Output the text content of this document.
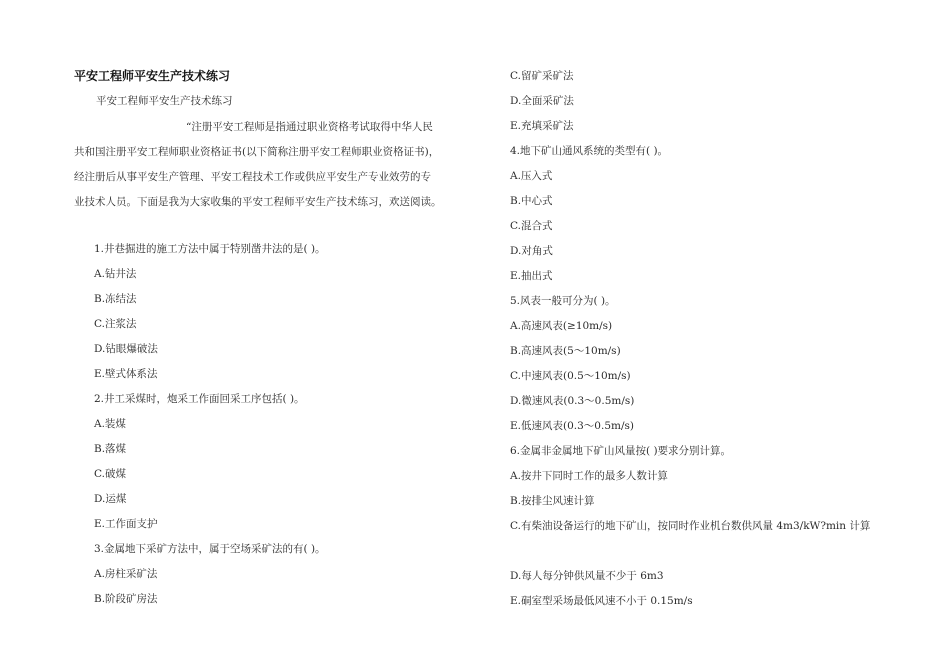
平安工程师平安生产技术练习
平安工程师平安生产技术练习
“注册平安工程师是指通过职业资格考试取得中华人民
共和国注册平安工程师职业资格证书(以下简称注册平安工程师职业资格证书)，
经注册后从事平安生产管理、平安工程技术工作或供应平安生产专业效劳的专
业技术人员。下面是我为大家收集的平安工程师平安生产技术练习，欢送阅读。
1.井巷掘进的施工方法中属于特别凿井法的是( )。
A.钻井法
B.冻结法
C.注浆法
D.钻眼爆破法
E.壁式体系法
2.井工采煤时，炮采工作面回采工序包括( )。
A.装煤
B.落煤
C.破煤
D.运煤
E.工作面支护
3.金属地下采矿方法中，属于空场采矿法的有( )。
A.房柱采矿法
B.阶段矿房法
C.留矿采矿法
D.全面采矿法
E.充填采矿法
4.地下矿山通风系统的类型有( )。
A.压入式
B.中心式
C.混合式
D.对角式
E.抽出式
5.风表一般可分为( )。
A.高速风表(≥10m/s)
B.高速风表(5～10m/s)
C.中速风表(0.5～10m/s)
D.微速风表(0.3～0.5m/s)
E.低速风表(0.3～0.5m/s)
6.金属非金属地下矿山风量按( )要求分别计算。
A.按井下同时工作的最多人数计算
B.按排尘风速计算
C.有柴油设备运行的地下矿山，按同时作业机台数供风量 4m3/kW?min 计算
D.每人每分钟供风量不少于 6m3
E.硐室型采场最低风速不小于 0.15m/s
